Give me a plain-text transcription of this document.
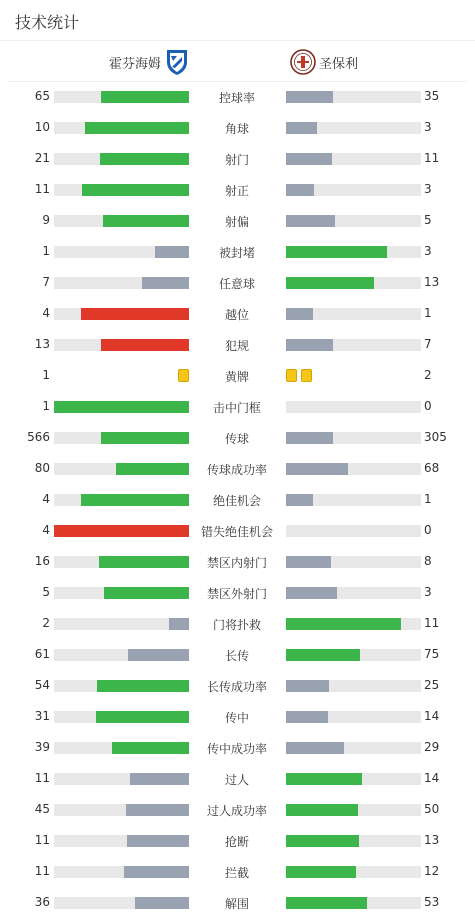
技术统计
霍芬海姆	圣保利
65	控球率	35
10	角球	3
21	射门	11
11	射正	3
9	射偏	5
1	被封堵	3
7	任意球	13
4	越位	1
13	犯规	7
1	黄牌	2
1	击中门框	0
566	传球	305
80	传球成功率	68
4	绝佳机会	1
4	错失绝佳机会	0
16	禁区内射门	8
5	禁区外射门	3
2	门将扑救	11
61	长传	75
54	长传成功率	25
31	传中	14
39	传中成功率	29
11	过人	14
45	过人成功率	50
11	抢断	13
11	拦截	12
36	解围	53
